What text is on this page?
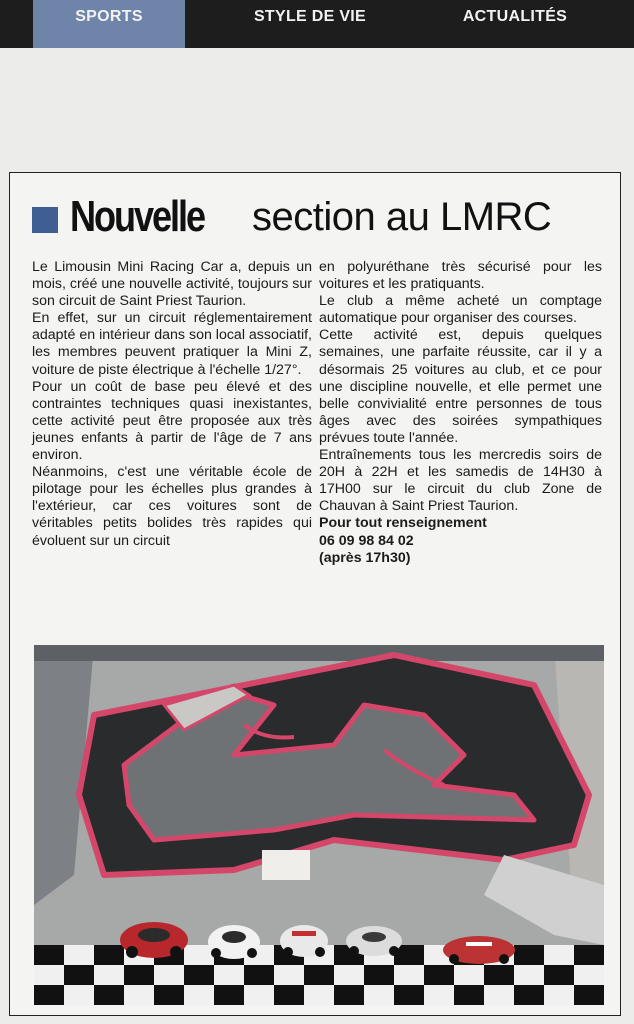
SPORTS	STYLE DE VIE	ACTUALITÉS
Nouvelle section au LMRC

Le Limousin Mini Racing Car a, depuis un mois, créé une nouvelle activité, toujours sur son circuit de Saint Priest Taurion.

En effet, sur un circuit réglementairement adapté en intérieur dans son local associatif, les membres peuvent pratiquer la Mini Z, voiture de piste électrique à l'échelle 1/27°.

Pour un coût de base peu élevé et des contraintes techniques quasi inexistantes, cette activité peut être proposée aux très jeunes enfants à partir de l'âge de 7 ans environ.

Néanmoins, c'est une véritable école de pilotage pour les échelles plus grandes à l'extérieur, car ces voitures sont de véritables petits bolides très rapides qui évoluent sur un circuit

en polyuréthane très sécurisé pour les voitures et les pratiquants.

Le club a même acheté un comptage automatique pour organiser des courses.

Cette activité est, depuis quelques semaines, une parfaite réussite, car il y a désormais 25 voitures au club, et ce pour une discipline nouvelle, et elle permet une belle convivialité entre personnes de tous âges avec des soirées sympathiques prévues toute l'année.

Entraînements tous les mercredis soirs de 20H à 22H et les samedis de 14H30 à 17H00 sur le circuit du club Zone de Chauvan à Saint Priest Taurion.

Pour tout renseignement

06 09 98 84 02

(après 17h30)
